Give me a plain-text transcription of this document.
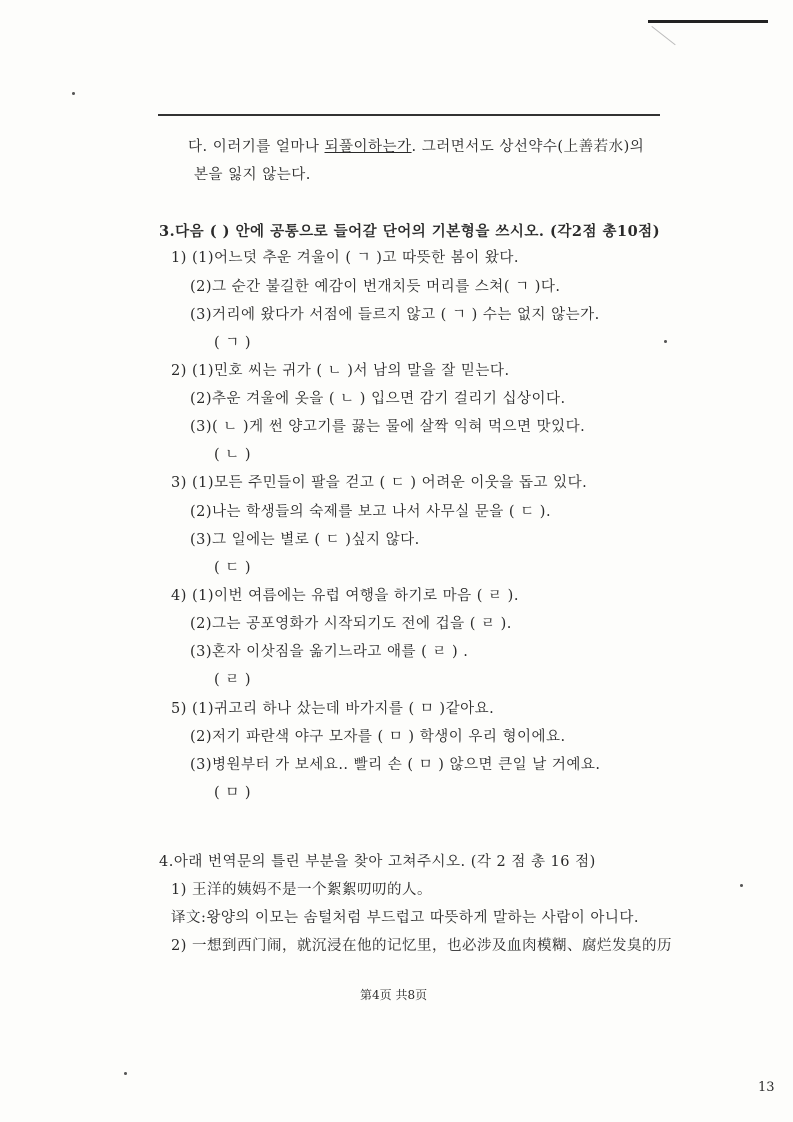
다. 이러기를 얼마나 되풀이하는가. 그러면서도 상선약수(上善若水)의
본을 잃지 않는다.
3.다음 ( ) 안에 공통으로 들어갈 단어의 기본형을 쓰시오. (각2점 총10점)
1) (1)어느덧 추운 겨울이 ( ㄱ )고 따뜻한 봄이 왔다.
(2)그 순간 불길한 예감이 번개치듯 머리를 스쳐( ㄱ )다.
(3)거리에 왔다가 서점에 들르지 않고 ( ㄱ ) 수는 없지 않는가.
( ㄱ )
2) (1)민호 씨는 귀가 ( ㄴ )서 남의 말을 잘 믿는다.
(2)추운 겨울에 옷을 ( ㄴ ) 입으면 감기 걸리기 십상이다.
(3)( ㄴ )게 썬 양고기를 끓는 물에 살짝 익혀 먹으면 맛있다.
( ㄴ )
3) (1)모든 주민들이 팔을 걷고 ( ㄷ ) 어려운 이웃을 돕고 있다.
(2)나는 학생들의 숙제를 보고 나서 사무실 문을 ( ㄷ ).
(3)그 일에는 별로 ( ㄷ )싶지 않다.
( ㄷ )
4) (1)이번 여름에는 유럽 여행을 하기로 마음 ( ㄹ ).
(2)그는 공포영화가 시작되기도 전에 겁을 ( ㄹ ).
(3)혼자 이삿짐을 옮기느라고 애를 ( ㄹ ) .
( ㄹ )
5) (1)귀고리 하나 샀는데 바가지를 ( ㅁ )같아요.
(2)저기 파란색 야구 모자를 ( ㅁ ) 학생이 우리 형이에요.
(3)병원부터 가 보세요.. 빨리 손 ( ㅁ ) 않으면 큰일 날 거예요.
( ㅁ )
4.아래 번역문의 틀린 부분을 찾아 고쳐주시오. (각 2 점 총 16 점)
1) 王洋的姨妈不是一个絮絮叨叨的人。
译文:왕양의 이모는 솜털처럼 부드럽고 따뜻하게 말하는 사람이 아니다.
2) 一想到西门闹，就沉浸在他的记忆里，也必涉及血肉模糊、腐烂发臭的历
第4页 共8页
13
